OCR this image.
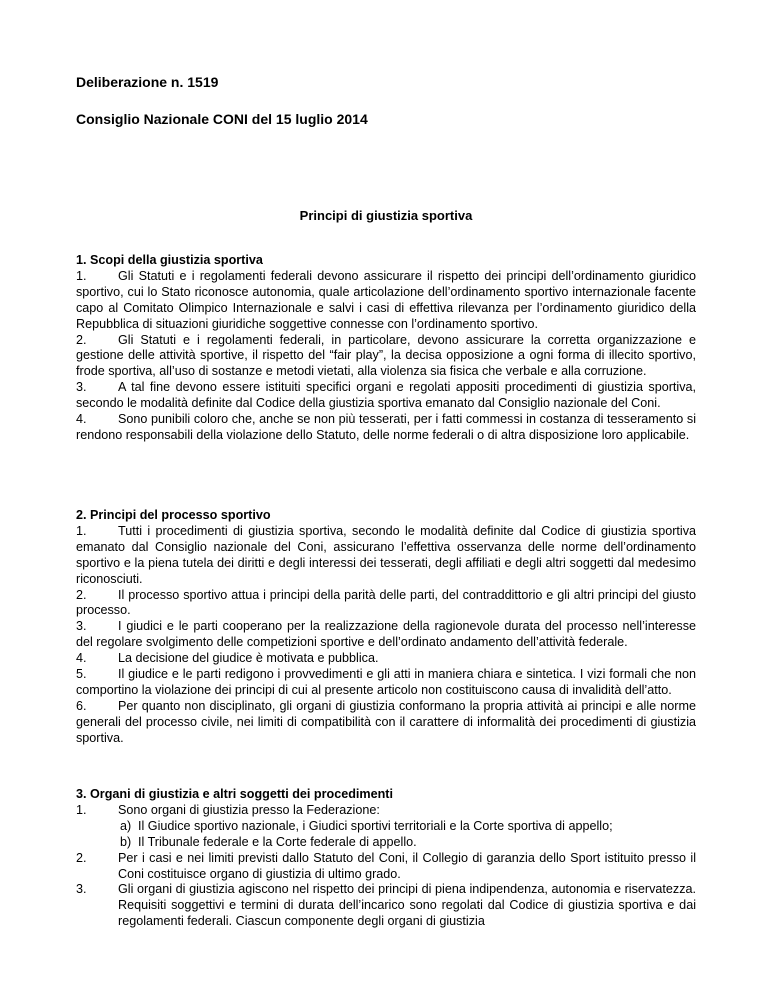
Deliberazione n. 1519
Consiglio Nazionale CONI del 15 luglio 2014
Principi di giustizia sportiva
1. Scopi della giustizia sportiva

1. Gli Statuti e i regolamenti federali devono assicurare il rispetto dei principi dell’ordinamento giuridico sportivo, cui lo Stato riconosce autonomia, quale articolazione dell’ordinamento sportivo internazionale facente capo al Comitato Olimpico Internazionale e salvi i casi di effettiva rilevanza per l’ordinamento giuridico della Repubblica di situazioni giuridiche soggettive connesse con l’ordinamento sportivo.

2. Gli Statuti e i regolamenti federali, in particolare, devono assicurare la corretta organizzazione e gestione delle attività sportive, il rispetto del “fair play”, la decisa opposizione a ogni forma di illecito sportivo, frode sportiva, all’uso di sostanze e metodi vietati, alla violenza sia fisica che verbale e alla corruzione.

3. A tal fine devono essere istituiti specifici organi e regolati appositi procedimenti di giustizia sportiva, secondo le modalità definite dal Codice della giustizia sportiva emanato dal Consiglio nazionale del Coni.

4. Sono punibili coloro che, anche se non più tesserati, per i fatti commessi in costanza di tesseramento si rendono responsabili della violazione dello Statuto, delle norme federali o di altra disposizione loro applicabile.

2. Principi del processo sportivo

1. Tutti i procedimenti di giustizia sportiva, secondo le modalità definite dal Codice di giustizia sportiva emanato dal Consiglio nazionale del Coni, assicurano l’effettiva osservanza delle norme dell’ordinamento sportivo e la piena tutela dei diritti e degli interessi dei tesserati, degli affiliati e degli altri soggetti dal medesimo riconosciuti.

2. Il processo sportivo attua i principi della parità delle parti, del contraddittorio e gli altri principi del giusto processo.

3. I giudici e le parti cooperano per la realizzazione della ragionevole durata del processo nell’interesse del regolare svolgimento delle competizioni sportive e dell’ordinato andamento dell’attività federale.

4. La decisione del giudice è motivata e pubblica.

5. Il giudice e le parti redigono i provvedimenti e gli atti in maniera chiara e sintetica. I vizi formali che non comportino la violazione dei principi di cui al presente articolo non costituiscono causa di invalidità dell’atto.

6. Per quanto non disciplinato, gli organi di giustizia conformano la propria attività ai principi e alle norme generali del processo civile, nei limiti di compatibilità con il carattere di informalità dei procedimenti di giustizia sportiva.

3. Organi di giustizia e altri soggetti dei procedimenti
1. Sono organi di giustizia presso la Federazione:
a) Il Giudice sportivo nazionale, i Giudici sportivi territoriali e la Corte sportiva di appello;
b) Il Tribunale federale e la Corte federale di appello.
2. Per i casi e nei limiti previsti dallo Statuto del Coni, il Collegio di garanzia dello Sport istituito presso il Coni costituisce organo di giustizia di ultimo grado.
3. Gli organi di giustizia agiscono nel rispetto dei principi di piena indipendenza, autonomia e riservatezza. Requisiti soggettivi e termini di durata dell’incarico sono regolati dal Codice di giustizia sportiva e dai regolamenti federali. Ciascun componente degli organi di giustizia
